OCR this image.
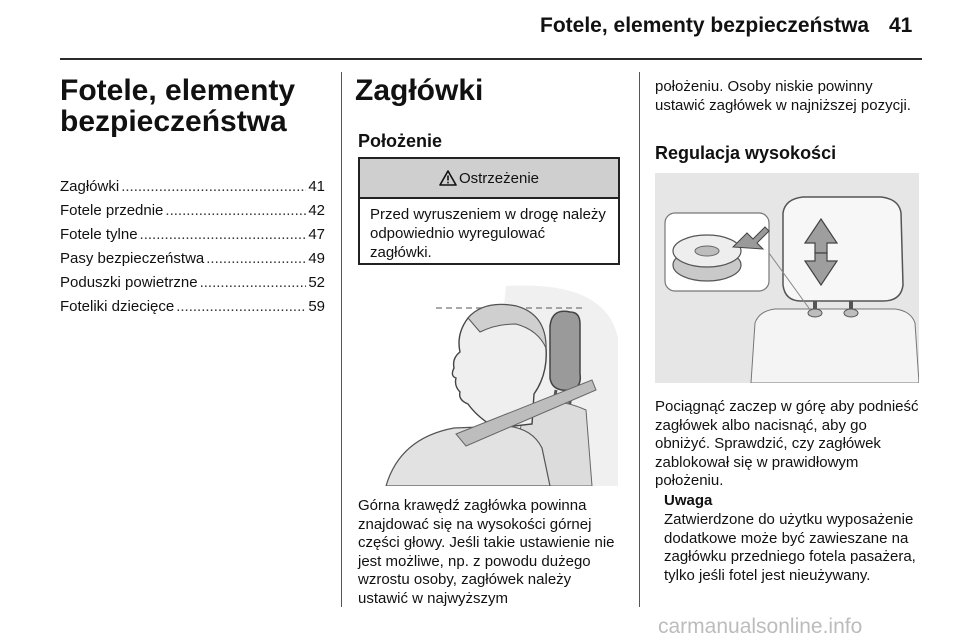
Fotele, elementy bezpieczeństwa 41
Fotele, elementy
bezpieczeństwa
Zagłówki .....	41
Fotele przednie .....	42
Fotele tylne .....	47
Pasy bezpieczeństwa .....	49
Poduszki powietrzne .....	52
Foteliki dziecięce .....	59
Zagłówki
Położenie
Ostrzeżenie
Przed wyruszeniem w drogę należy odpowiednio wyregulować zagłówki.
Górna krawędź zagłówka powinna znajdować się na wysokości górnej części głowy. Jeśli takie ustawienie nie jest możliwe, np. z powodu dużego wzrostu osoby, zagłówek należy ustawić w najwyższym
położeniu. Osoby niskie powinny ustawić zagłówek w najniższej pozycji.
Regulacja wysokości
Pociągnąć zaczep w górę aby podnieść zagłówek albo nacisnąć, aby go obniżyć. Sprawdzić, czy zagłówek zablokował się w prawidłowym położeniu.
Uwaga
Zatwierdzone do użytku wyposażenie dodatkowe może być zawieszane na zagłówku przedniego fotela pasażera, tylko jeśli fotel jest nieużywany.
carmanualsonline.info
